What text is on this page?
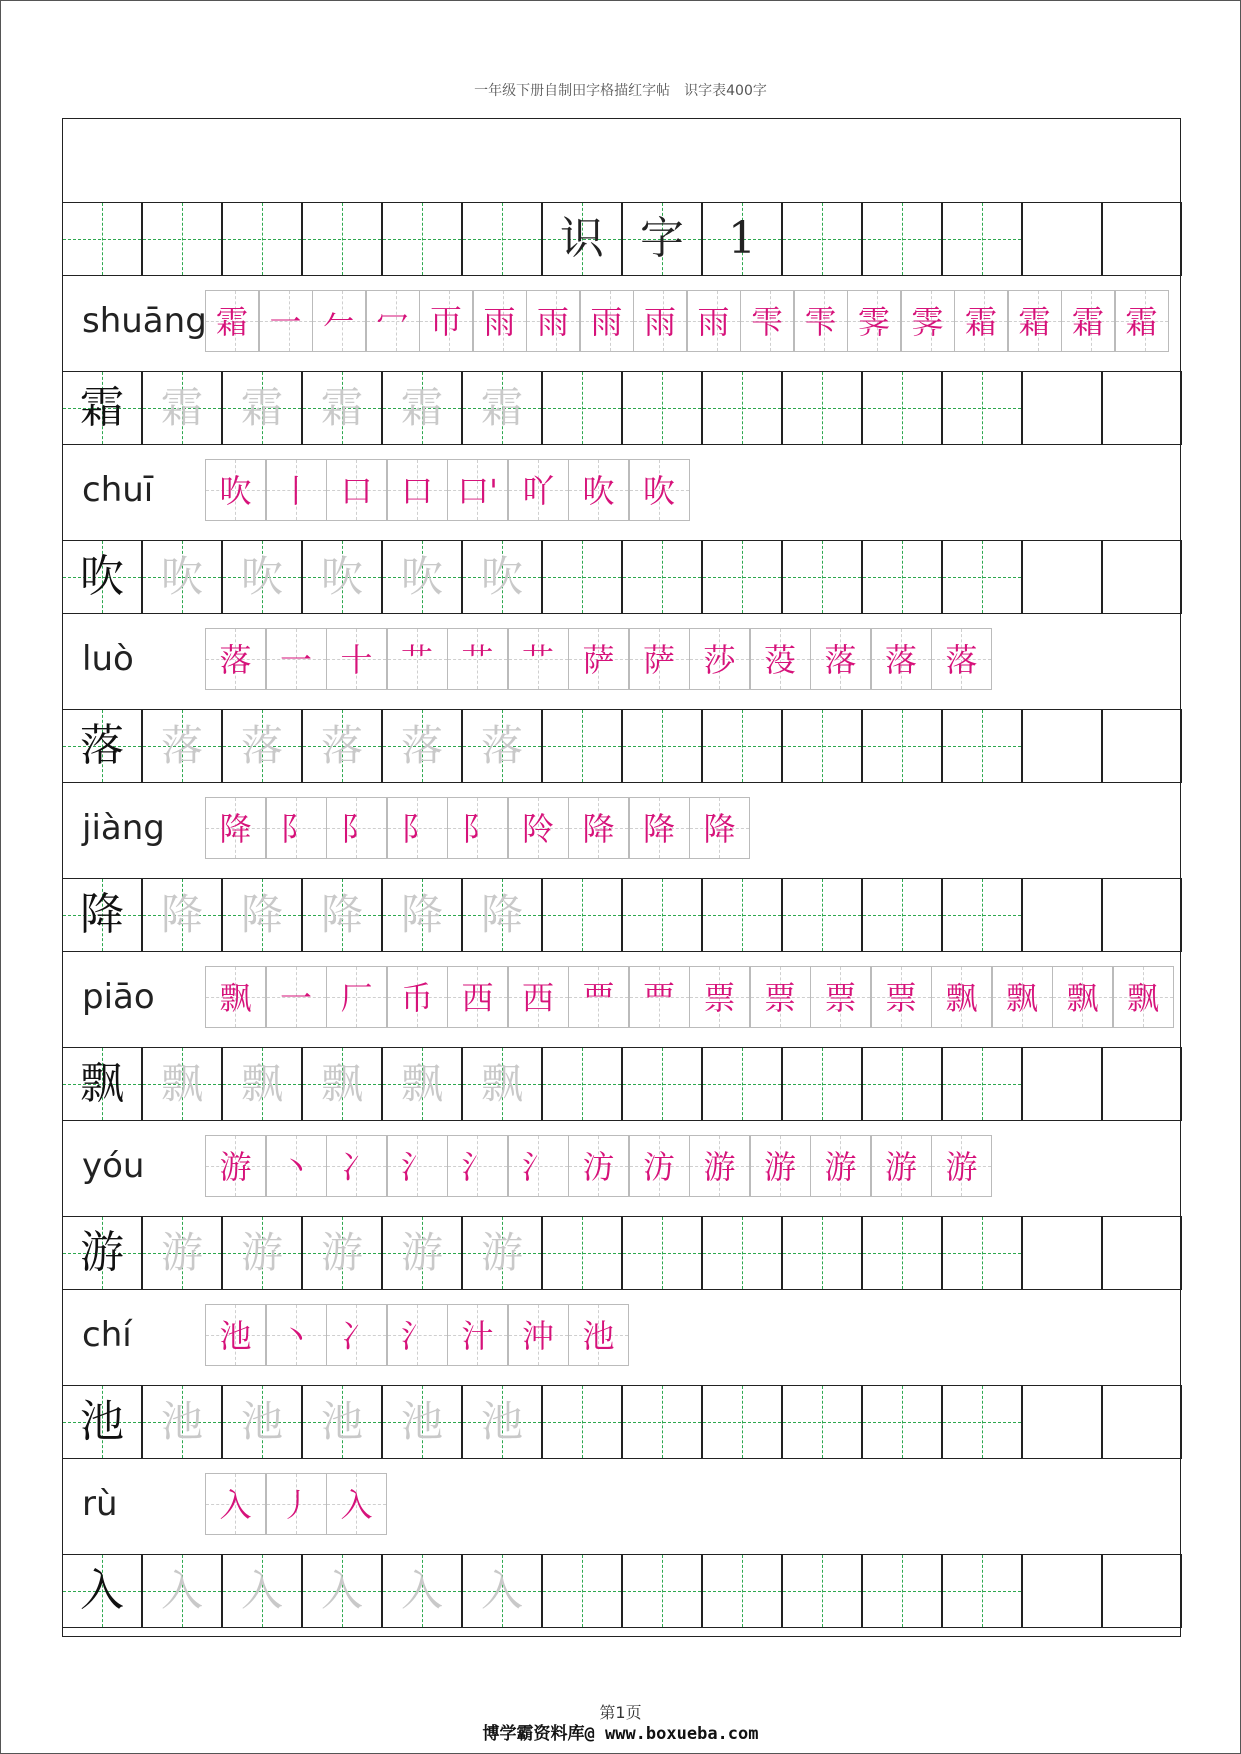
一年级下册自制田字格描红字帖　识字表400字
识 字	1
shuāng 霜 一 𠂉 冖 帀 雨 雨 雨 雨 雨 雫 雫 霁 霁 霜 霜 霜 霜
霜 霜 霜 霜 霜 霜
chuī	吹 丨 口 口 口' 吖 吹 吹
吹 吹 吹 吹 吹 吹
luò	落 一 十 艹 艹 艹 萨 萨 莎 莈 落 落 落
落 落 落 落 落 落
jiàng	降 阝 阝 阝 阝 阾 降 降 降
降 降 降 降 降 降
piāo	飘 一 厂 币 西 西 覀 覀 票 票 票 票 飘 飘 飘 飘
飘 飘 飘 飘 飘 飘
yóu	游 丶 冫 氵 氵 氵 汸 汸 游 游 游 游 游
游 游 游 游 游 游
chí	池 丶 冫 氵 汁 沖 池
池 池 池 池 池 池
rù	入 丿 入
入 入 入 入 入 入
第1页
博学霸资料库@ www.boxueba.com
